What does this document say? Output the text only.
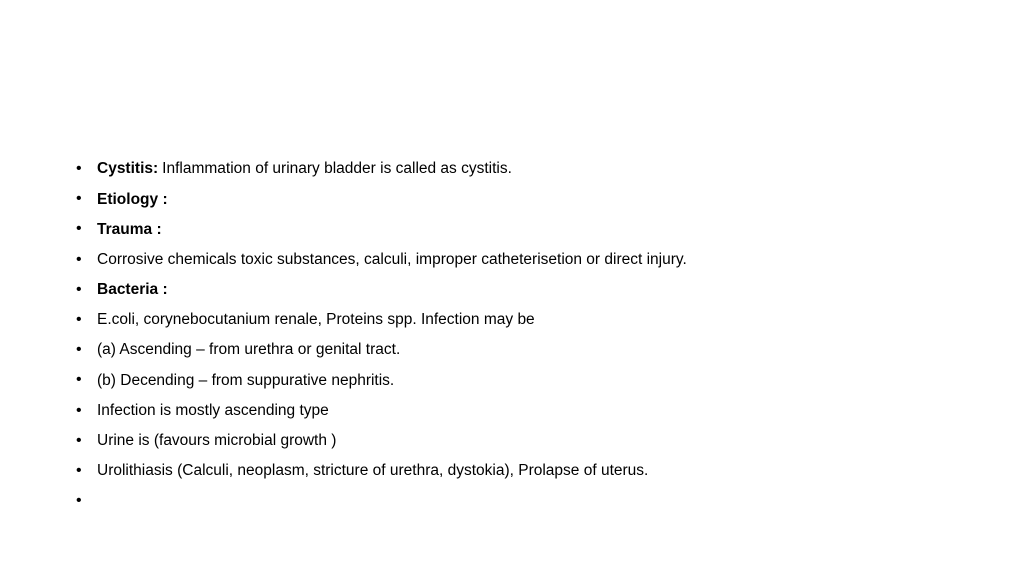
• Cystitis: Inflammation of urinary bladder is called as cystitis.
• Etiology :
• Trauma :
• Corrosive chemicals toxic substances, calculi, improper catheterisetion or direct injury.
• Bacteria :
• E.coli, corynebocutanium renale, Proteins spp. Infection may be
• (a) Ascending – from urethra or genital tract.
• (b) Decending – from suppurative nephritis.
• Infection is mostly ascending type
• Urine is (favours microbial growth )
• Urolithiasis (Calculi, neoplasm, stricture of urethra, dystokia), Prolapse of uterus.
•
